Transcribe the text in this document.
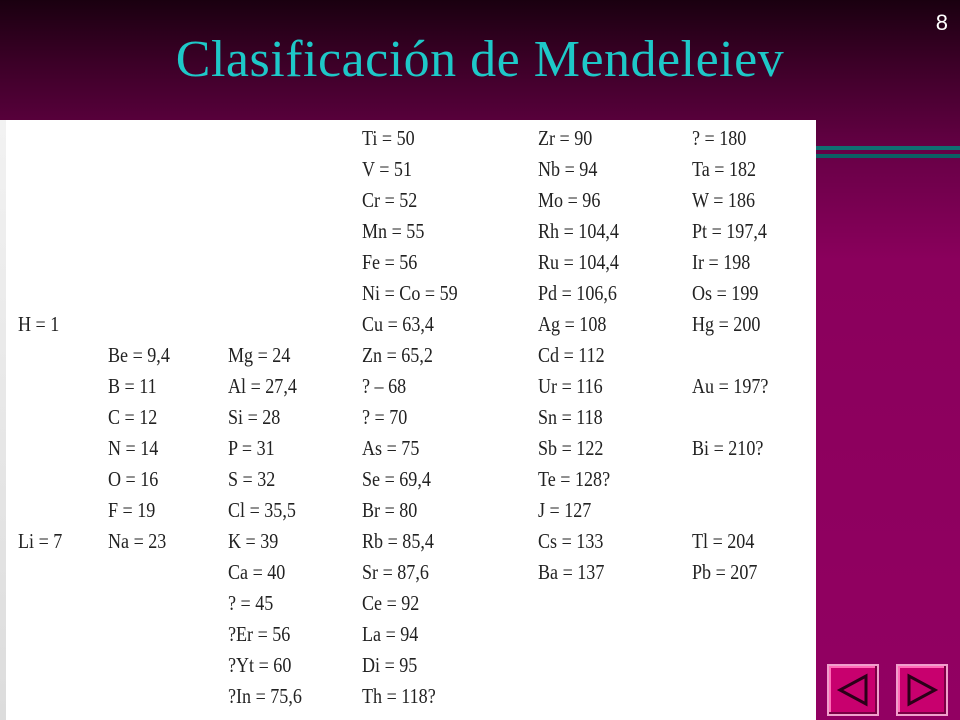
8
Clasificación de Mendeleiev
H = 1
Li = 7
Be = 9,4
B = 11
C = 12
N = 14
O = 16
F = 19
Na = 23
Mg = 24
Al = 27,4
Si = 28
P = 31
S = 32
Cl = 35,5
K = 39
Ca = 40
? = 45
?Er = 56
?Yt = 60
?In = 75,6
Ti = 50
V = 51
Cr = 52
Mn = 55
Fe = 56
Ni = Co = 59
Cu = 63,4
Zn = 65,2
? – 68
? = 70
As = 75
Se = 69,4
Br = 80
Rb = 85,4
Sr = 87,6
Ce = 92
La = 94
Di = 95
Th = 118?
Zr = 90
Nb = 94
Mo = 96
Rh = 104,4
Ru = 104,4
Pd = 106,6
Ag = 108
Cd = 112
Ur = 116
Sn = 118
Sb = 122
Te = 128?
J = 127
Cs = 133
Ba = 137
? = 180
Ta = 182
W = 186
Pt = 197,4
Ir = 198
Os = 199
Hg = 200
Au = 197?
Bi = 210?
Tl = 204
Pb = 207
